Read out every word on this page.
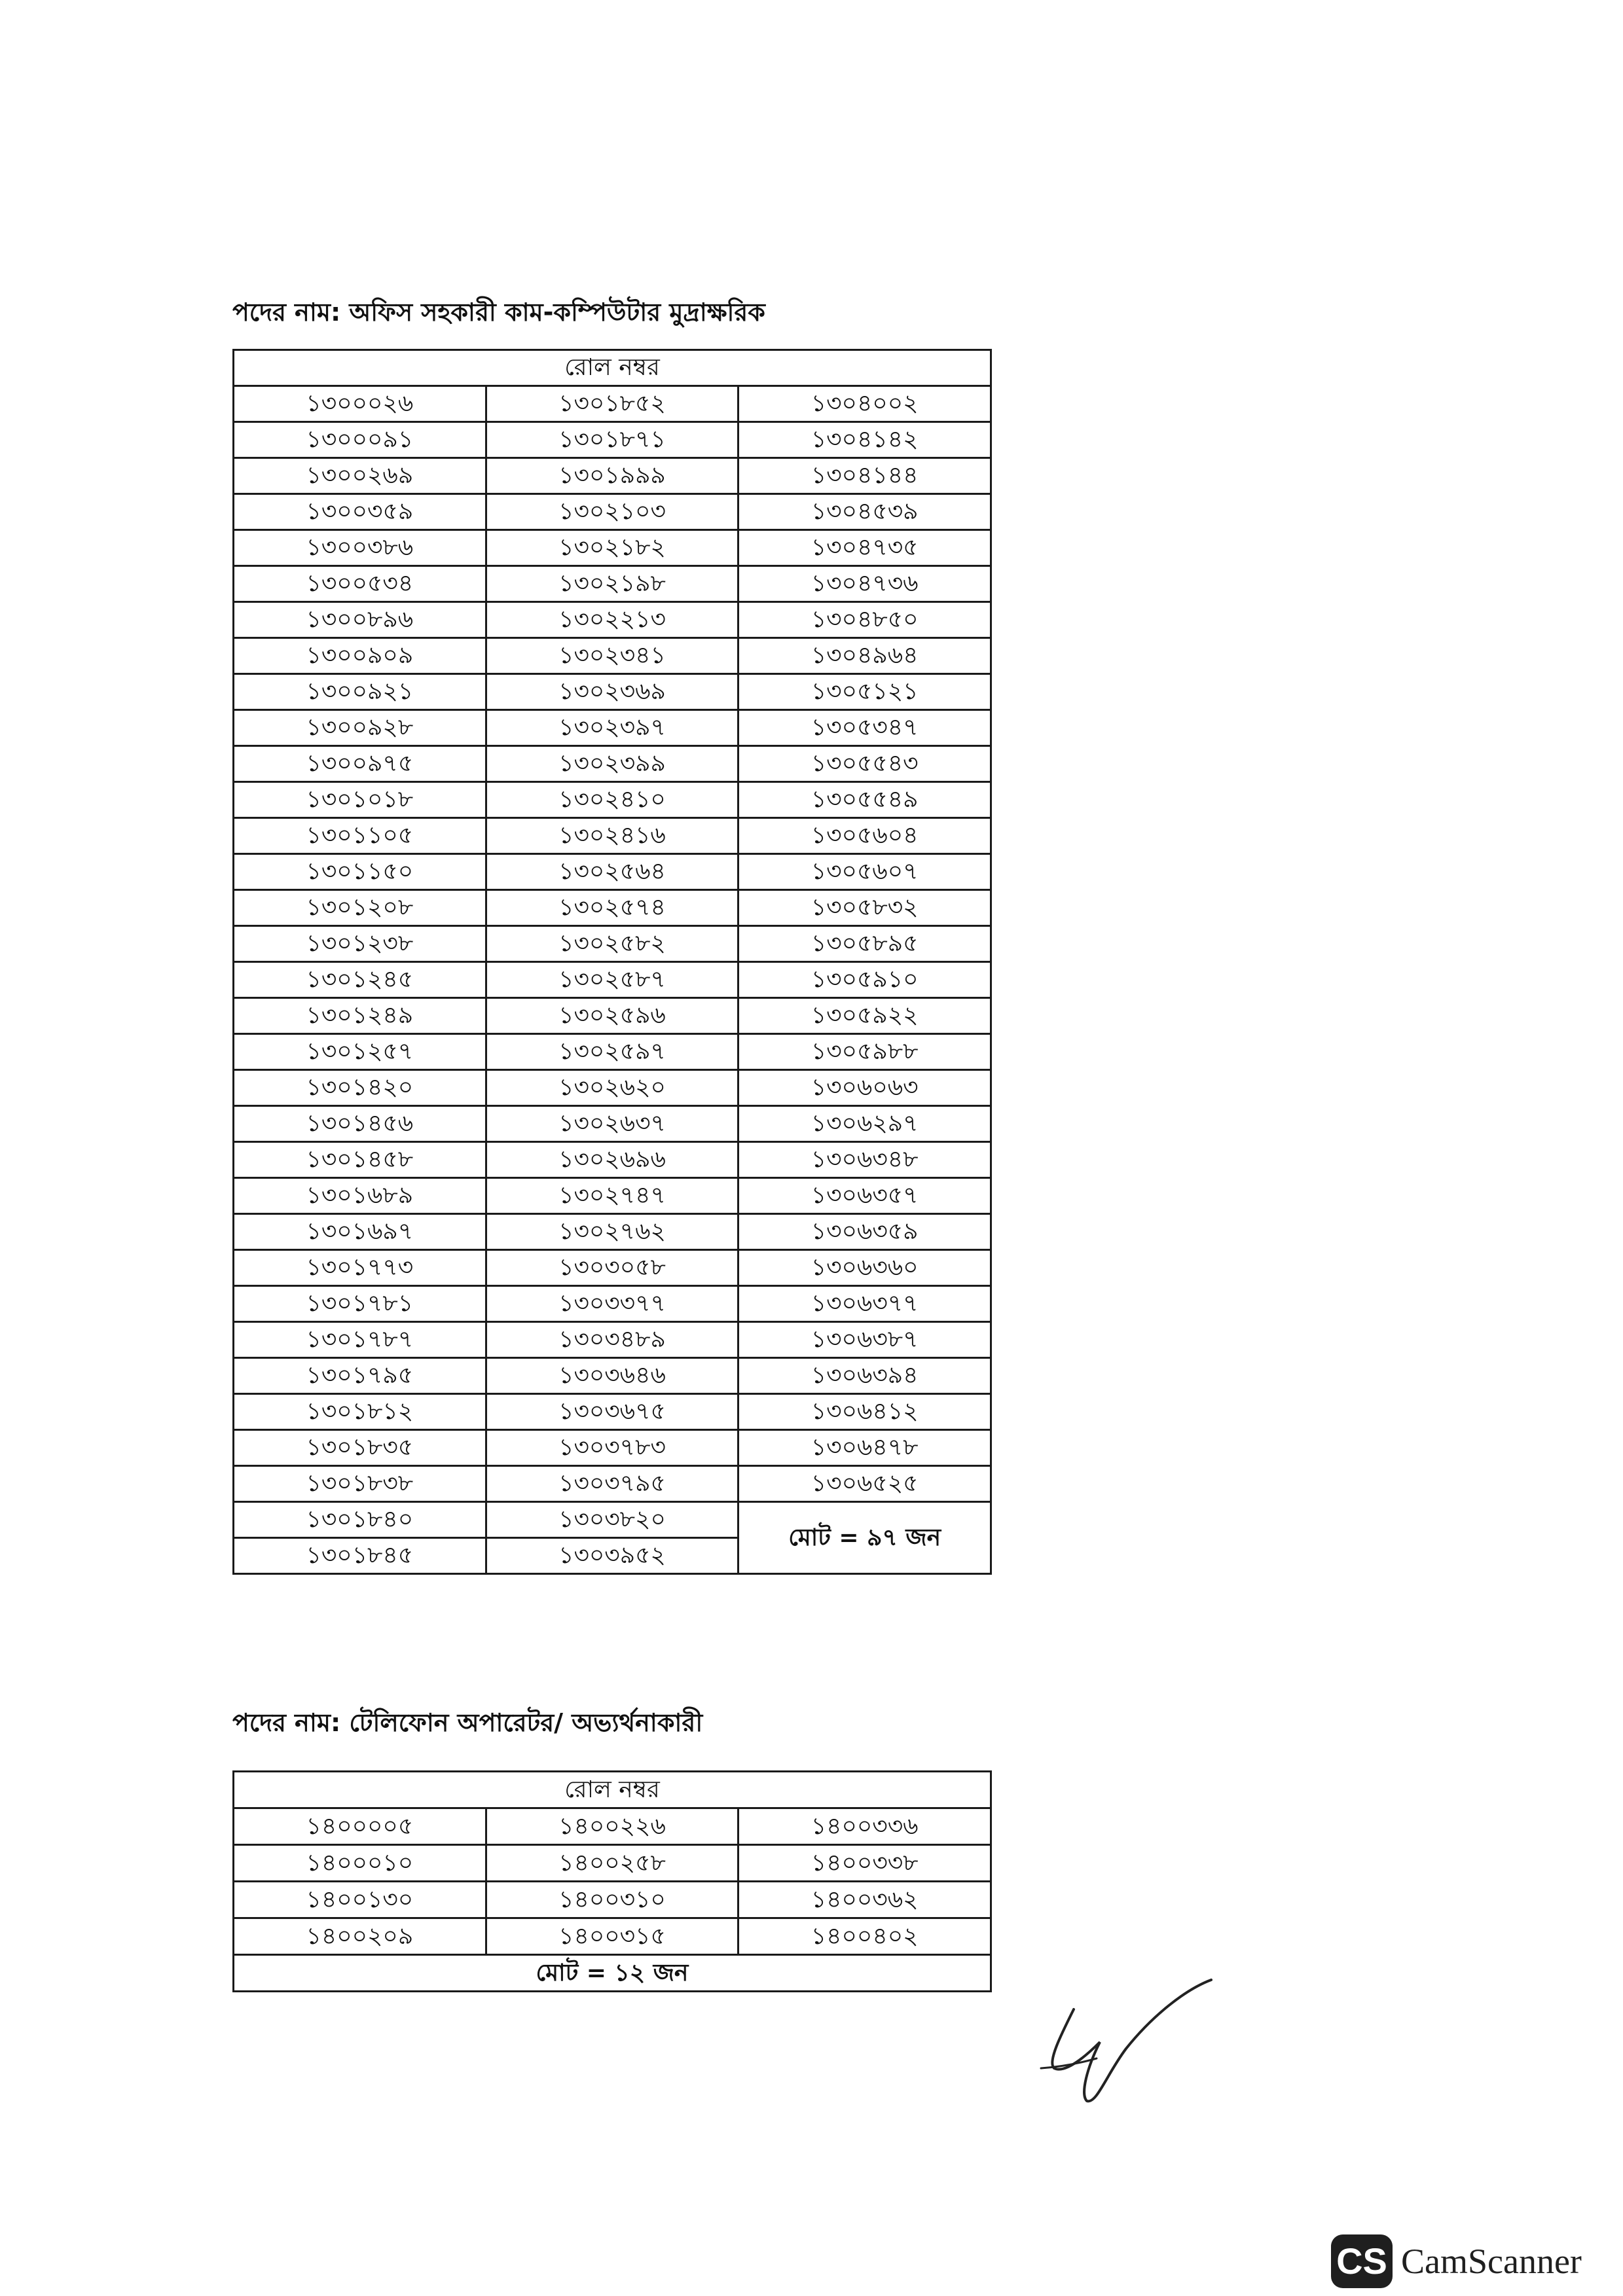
পদের নাম: অফিস সহকারী কাম-কম্পিউটার মুদ্রাক্ষরিক
রোল নম্বর		
১৩০০০২৬	১৩০১৮৫২	১৩০৪০০২
১৩০০০৯১	১৩০১৮৭১	১৩০৪১৪২
১৩০০২৬৯	১৩০১৯৯৯	১৩০৪১৪৪
১৩০০৩৫৯	১৩০২১০৩	১৩০৪৫৩৯
১৩০০৩৮৬	১৩০২১৮২	১৩০৪৭৩৫
১৩০০৫৩৪	১৩০২১৯৮	১৩০৪৭৩৬
১৩০০৮৯৬	১৩০২২১৩	১৩০৪৮৫০
১৩০০৯০৯	১৩০২৩৪১	১৩০৪৯৬৪
১৩০০৯২১	১৩০২৩৬৯	১৩০৫১২১
১৩০০৯২৮	১৩০২৩৯৭	১৩০৫৩৪৭
১৩০০৯৭৫	১৩০২৩৯৯	১৩০৫৫৪৩
১৩০১০১৮	১৩০২৪১০	১৩০৫৫৪৯
১৩০১১০৫	১৩০২৪১৬	১৩০৫৬০৪
১৩০১১৫০	১৩০২৫৬৪	১৩০৫৬০৭
১৩০১২০৮	১৩০২৫৭৪	১৩০৫৮৩২
১৩০১২৩৮	১৩০২৫৮২	১৩০৫৮৯৫
১৩০১২৪৫	১৩০২৫৮৭	১৩০৫৯১০
১৩০১২৪৯	১৩০২৫৯৬	১৩০৫৯২২
১৩০১২৫৭	১৩০২৫৯৭	১৩০৫৯৮৮
১৩০১৪২০	১৩০২৬২০	১৩০৬০৬৩
১৩০১৪৫৬	১৩০২৬৩৭	১৩০৬২৯৭
১৩০১৪৫৮	১৩০২৬৯৬	১৩০৬৩৪৮
১৩০১৬৮৯	১৩০২৭৪৭	১৩০৬৩৫৭
১৩০১৬৯৭	১৩০২৭৬২	১৩০৬৩৫৯
১৩০১৭৭৩	১৩০৩০৫৮	১৩০৬৩৬০
১৩০১৭৮১	১৩০৩৩৭৭	১৩০৬৩৭৭
১৩০১৭৮৭	১৩০৩৪৮৯	১৩০৬৩৮৭
১৩০১৭৯৫	১৩০৩৬৪৬	১৩০৬৩৯৪
১৩০১৮১২	১৩০৩৬৭৫	১৩০৬৪১২
১৩০১৮৩৫	১৩০৩৭৮৩	১৩০৬৪৭৮
১৩০১৮৩৮	১৩০৩৭৯৫	১৩০৬৫২৫
১৩০১৮৪০	১৩০৩৮২০	মোট = ৯৭ জন
১৩০১৮৪৫	১৩০৩৯৫২	
পদের নাম: টেলিফোন অপারেটর/ অভ্যর্থনাকারী
রোল নম্বর		
১৪০০০০৫	১৪০০২২৬	১৪০০৩৩৬
১৪০০০১০	১৪০০২৫৮	১৪০০৩৩৮
১৪০০১৩০	১৪০০৩১০	১৪০০৩৬২
১৪০০২০৯	১৪০০৩১৫	১৪০০৪০২
মোট = ১২ জন		
CS CamScanner
